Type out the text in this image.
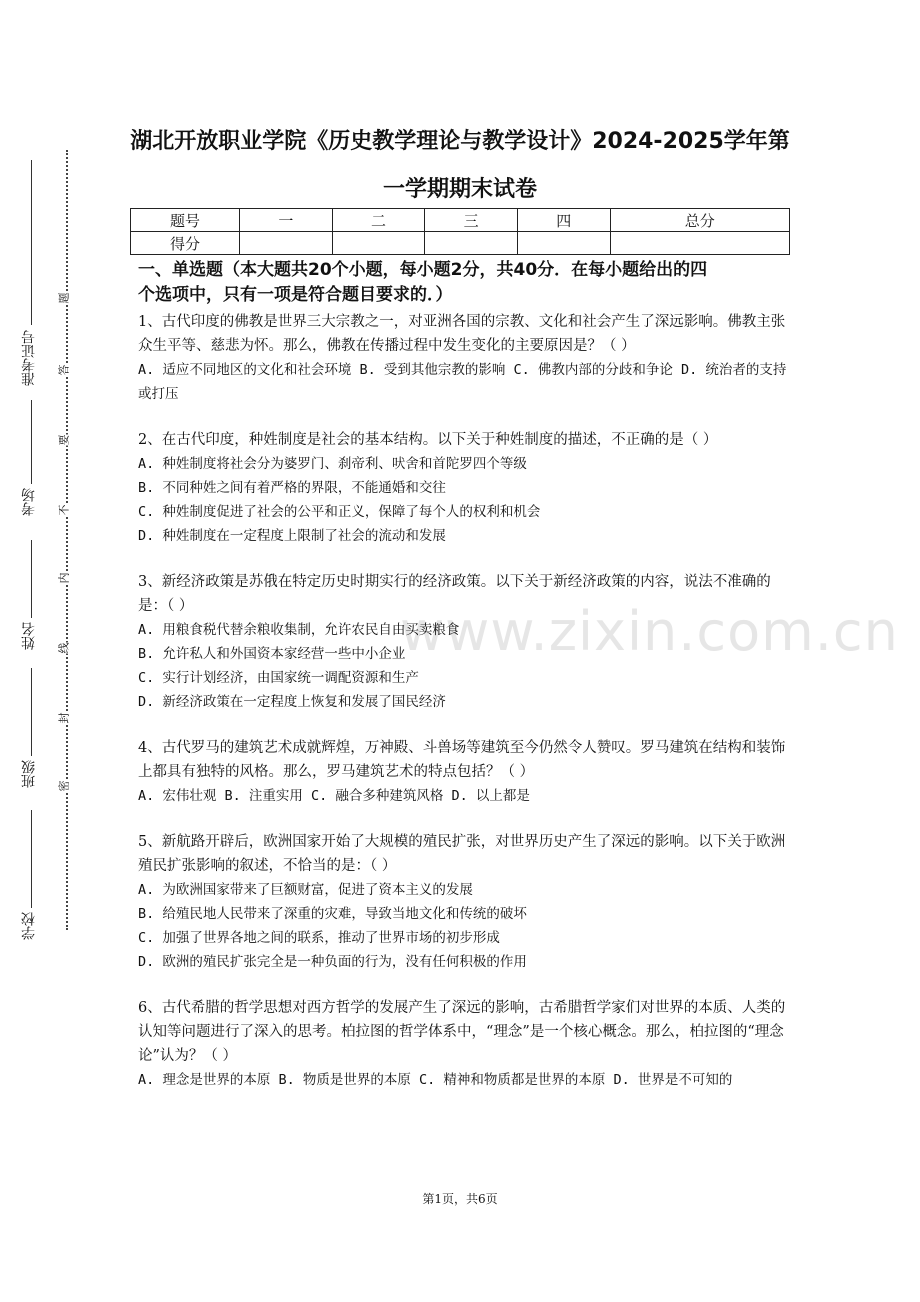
准考证号
考场
姓名
班级
学校
题
答
要
不
内
线
封
密
www.zixin.com.cn
湖北开放职业学院《历史教学理论与教学设计》2024-2025学年第
一学期期末试卷
题号	一	二	三	四	总分
得分					
一、单选题（本大题共20个小题，每小题2分，共40分．在每小题给出的四
个选项中，只有一项是符合题目要求的．）

1、古代印度的佛教是世界三大宗教之一，对亚洲各国的宗教、文化和社会产生了深远影响。佛教主张众生平等、慈悲为怀。那么，佛教在传播过程中发生变化的主要原因是？（ ）

A. 适应不同地区的文化和社会环境 B. 受到其他宗教的影响 C. 佛教内部的分歧和争论 D. 统治者的支持或打压

2、在古代印度，种姓制度是社会的基本结构。以下关于种姓制度的描述，不正确的是（ ）

A. 种姓制度将社会分为婆罗门、刹帝利、吠舍和首陀罗四个等级

B. 不同种姓之间有着严格的界限，不能通婚和交往

C. 种姓制度促进了社会的公平和正义，保障了每个人的权利和机会

D. 种姓制度在一定程度上限制了社会的流动和发展

3、新经济政策是苏俄在特定历史时期实行的经济政策。以下关于新经济政策的内容，说法不准确的是：（ ）

A. 用粮食税代替余粮收集制，允许农民自由买卖粮食

B. 允许私人和外国资本家经营一些中小企业

C. 实行计划经济，由国家统一调配资源和生产

D. 新经济政策在一定程度上恢复和发展了国民经济

4、古代罗马的建筑艺术成就辉煌，万神殿、斗兽场等建筑至今仍然令人赞叹。罗马建筑在结构和装饰上都具有独特的风格。那么，罗马建筑艺术的特点包括？（ ）

A. 宏伟壮观 B. 注重实用 C. 融合多种建筑风格 D. 以上都是

5、新航路开辟后，欧洲国家开始了大规模的殖民扩张，对世界历史产生了深远的影响。以下关于欧洲殖民扩张影响的叙述，不恰当的是：（ ）

A. 为欧洲国家带来了巨额财富，促进了资本主义的发展

B. 给殖民地人民带来了深重的灾难，导致当地文化和传统的破坏

C. 加强了世界各地之间的联系，推动了世界市场的初步形成

D. 欧洲的殖民扩张完全是一种负面的行为，没有任何积极的作用

6、古代希腊的哲学思想对西方哲学的发展产生了深远的影响，古希腊哲学家们对世界的本质、人类的认知等问题进行了深入的思考。柏拉图的哲学体系中，“理念”是一个核心概念。那么，柏拉图的“理念论”认为？（ ）

A. 理念是世界的本原 B. 物质是世界的本原 C. 精神和物质都是世界的本原 D. 世界是不可知的

第1页，共6页
